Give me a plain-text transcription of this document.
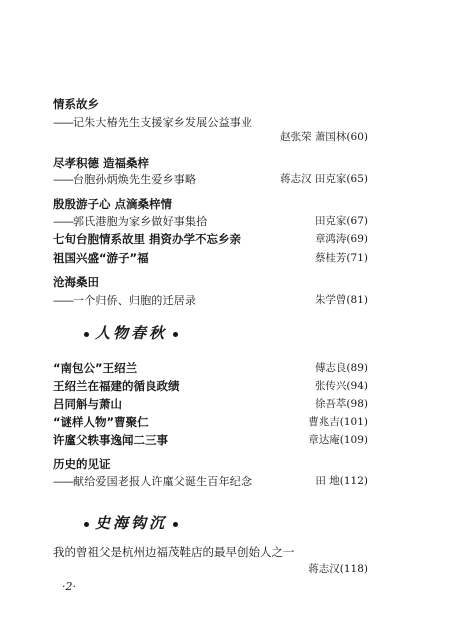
情系故乡
——记朱大椿先生支援家乡发展公益事业
赵张荣 萧国林(60)
尽孝积德 造福桑梓
——台胞孙炳焕先生爱乡事略	蒋志汉 田克家(65)
殷殷游子心 点滴桑梓情
——郭氏港胞为家乡做好事集拾	田克家(67)
七旬台胞情系故里 捐资办学不忘乡亲	章鸿涛(69)
祖国兴盛“游子”福	蔡桂芳(71)
沧海桑田
——一个归侨、归胞的迁居录	朱学曾(81)
人物春秋
“南包公”王绍兰	傅志良(89)
王绍兰在福建的循良政绩	张传兴(94)
吕同斛与萧山	徐吾萃(98)
“谜样人物”曹聚仁	曹兆吉(101)
许廑父轶事逸闻二三事	章达庵(109)
历史的见证
——献给爱国老报人许廑父诞生百年纪念	田 地(112)
史海钩沉
我的曾祖父是杭州边福茂鞋店的最早创始人之一
蒋志汉(118)
·2·
